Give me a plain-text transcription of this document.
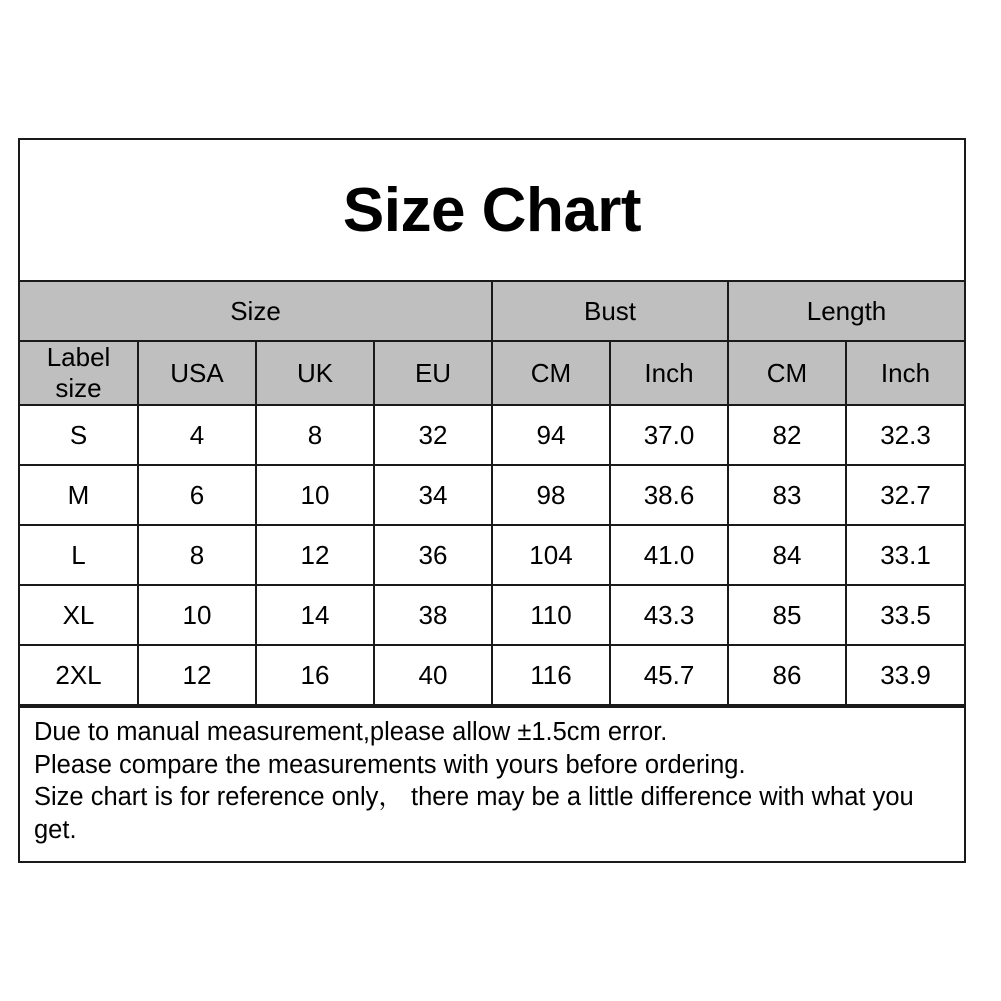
Size Chart
Size				Bust		Length	
Label size	USA	UK	EU	CM	Inch	CM	Inch
S	4	8	32	94	37.0	82	32.3
M	6	10	34	98	38.6	83	32.7
L	8	12	36	104	41.0	84	33.1
XL	10	14	38	110	43.3	85	33.5
2XL	12	16	40	116	45.7	86	33.9
Due to manual measurement,please allow ±1.5cm error.
Please compare the measurements with yours before ordering.
Size chart is for reference only， there may be a little difference with what you get.
